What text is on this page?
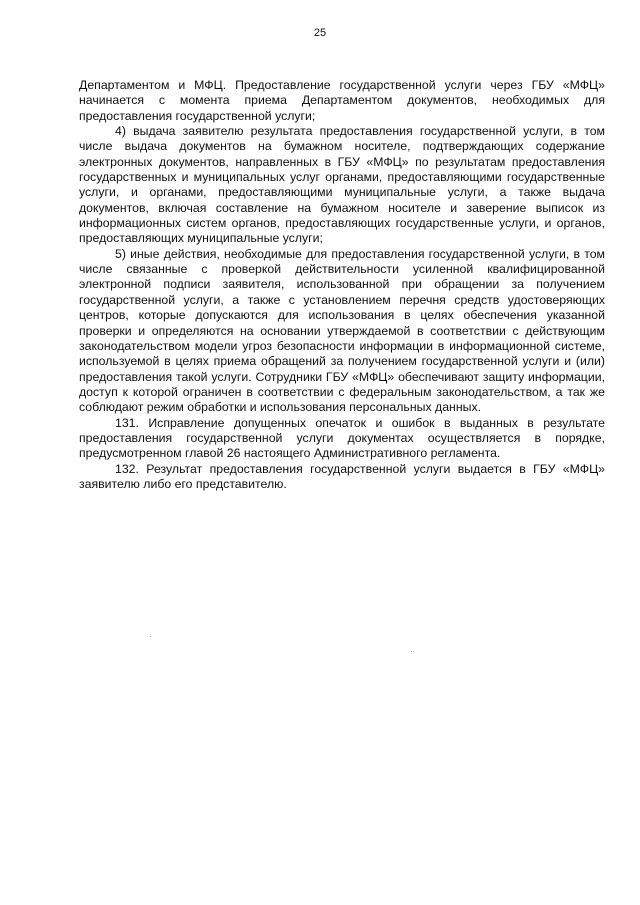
25

Департаментом и МФЦ. Предоставление государственной услуги через ГБУ «МФЦ» начинается с момента приема Департаментом документов, необходимых для предоставления государственной услуги;

4) выдача заявителю результата предоставления государственной услуги, в том числе выдача документов на бумажном носителе, подтверждающих содержание электронных документов, направленных в ГБУ «МФЦ» по результатам предоставления государственных и муниципальных услуг органами, предоставляющими государственные услуги, и органами, предоставляющими муниципальные услуги, а также выдача документов, включая составление на бумажном носителе и заверение выписок из информационных систем органов, предоставляющих государственные услуги, и органов, предоставляющих муниципальные услуги;

5) иные действия, необходимые для предоставления государственной услуги, в том числе связанные с проверкой действительности усиленной квалифицированной электронной подписи заявителя, использованной при обращении за получением государственной услуги, а также с установлением перечня средств удостоверяющих центров, которые допускаются для использования в целях обеспечения указанной проверки и определяются на основании утверждаемой в соответствии с действующим законодательством модели угроз безопасности информации в информационной системе, используемой в целях приема обращений за получением государственной услуги и (или) предоставления такой услуги. Сотрудники ГБУ «МФЦ» обеспечивают защиту информации, доступ к которой ограничен в соответствии с федеральным законодательством, а так же соблюдают режим обработки и использования персональных данных.

131. Исправление допущенных опечаток и ошибок в выданных в результате предоставления государственной услуги документах осуществляется в порядке, предусмотренном главой 26 настоящего Административного регламента.

132. Результат предоставления государственной услуги выдается в ГБУ «МФЦ» заявителю либо его представителю.
